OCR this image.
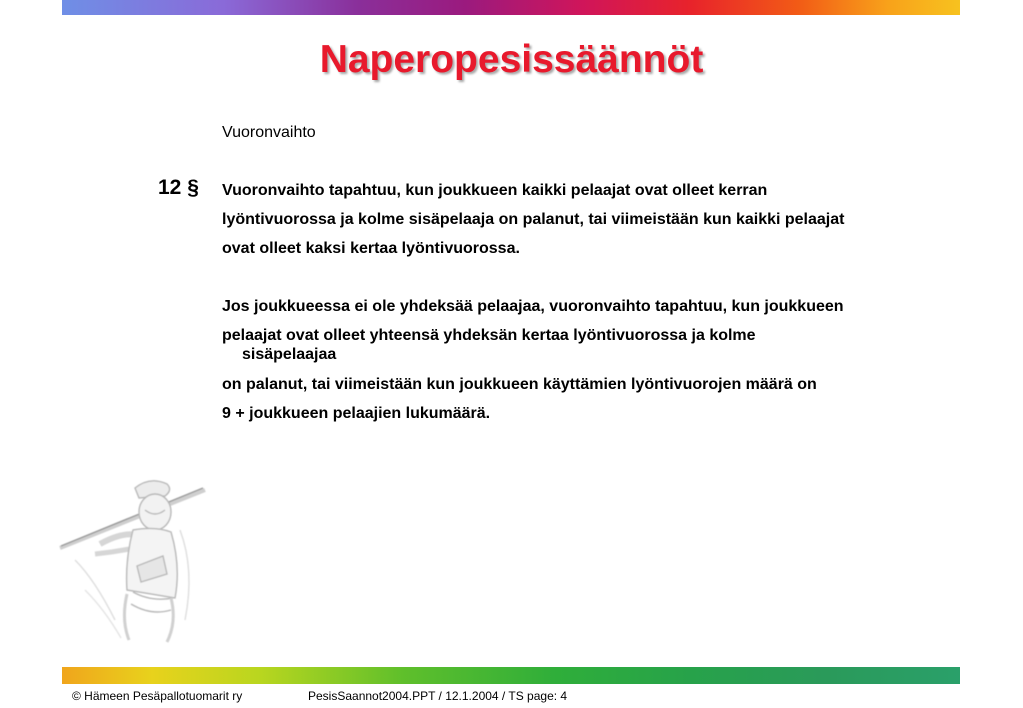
Naperopesissäännöt
Vuoronvaihto
12 § Vuoronvaihto tapahtuu, kun joukkueen kaikki pelaajat ovat olleet kerran
lyöntivuorossa ja kolme sisäpelaaja on palanut, tai viimeistään kun kaikki pelaajat
ovat olleet kaksi kertaa lyöntivuorossa.
Jos joukkueessa ei ole yhdeksää pelaajaa, vuoronvaihto tapahtuu, kun joukkueen
pelaajat ovat olleet yhteensä yhdeksän kertaa lyöntivuorossa ja kolme
sisäpelaajaa
on palanut, tai viimeistään kun joukkueen käyttämien lyöntivuorojen määrä on
9 + joukkueen pelaajien lukumäärä.
© Hämeen Pesäpallotuomarit ry	PesisSaannot2004.PPT / 12.1.2004 / TS page: 4
